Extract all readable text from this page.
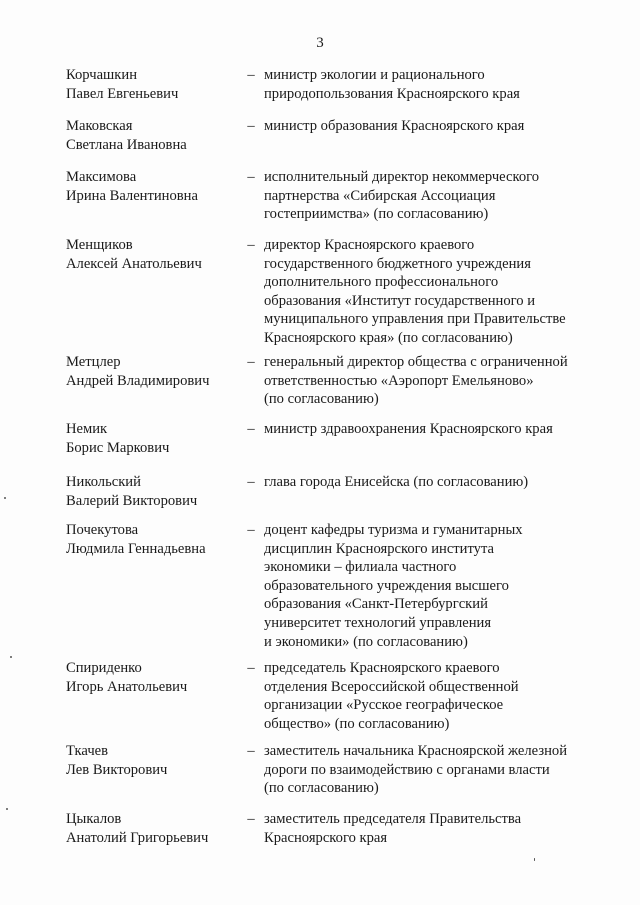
3
Корчашкин
Павел Евгеньевич
– министр экологии и рационального
природопользования Красноярского края
Маковская
Светлана Ивановна
– министр образования Красноярского края
Максимова
Ирина Валентиновна
– исполнительный директор некоммерческого
партнерства «Сибирская Ассоциация
гостеприимства» (по согласованию)
Менщиков
Алексей Анатольевич
– директор Красноярского краевого
государственного бюджетного учреждения
дополнительного профессионального
образования «Институт государственного и
муниципального управления при Правительстве
Красноярского края» (по согласованию)
Метцлер
Андрей Владимирович
– генеральный директор общества с ограниченной
ответственностью «Аэропорт Емельяново»
(по согласованию)
Немик
Борис Маркович
– министр здравоохранения Красноярского края
Никольский
Валерий Викторович
– глава города Енисейска (по согласованию)
Почекутова
Людмила Геннадьевна
– доцент кафедры туризма и гуманитарных
дисциплин Красноярского института
экономики – филиала частного
образовательного учреждения высшего
образования «Санкт-Петербургский
университет технологий управления
и экономики» (по согласованию)
Спириденко
Игорь Анатольевич
– председатель Красноярского краевого
отделения Всероссийской общественной
организации «Русское географическое
общество» (по согласованию)
Ткачев
Лев Викторович
– заместитель начальника Красноярской железной
дороги по взаимодействию с органами власти
(по согласованию)
Цыкалов
Анатолий Григорьевич
– заместитель председателя Правительства
Красноярского края
